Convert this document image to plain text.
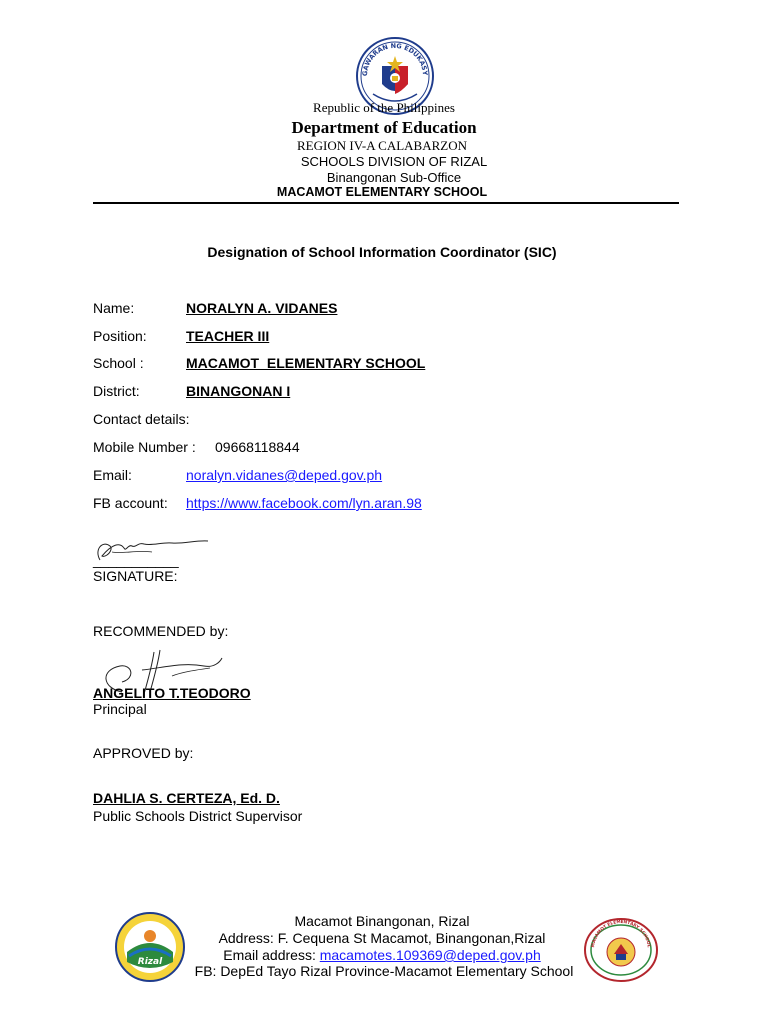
GAWARAN NG EDUKASY
Republic of the Philippines
Department of Education
REGION IV-A CALABARZON
SCHOOLS DIVISION OF RIZAL
Binangonan Sub-Office
MACAMOT ELEMENTARY SCHOOL
Designation of School Information Coordinator (SIC)
Name:	NORALYN A. VIDANES
Position:	TEACHER III
School :	MACAMOT  ELEMENTARY SCHOOL
District:	BINANGONAN I
Contact details:
Mobile Number : 09668118844
Email:	noralyn.vidanes@deped.gov.ph
FB account: https://www.facebook.com/lyn.aran.98
___________
SIGNATURE:
RECOMMENDED by:
ANGELITO T.TEODORO
Principal
APPROVED by:
DAHLIA S. CERTEZA, Ed. D.
Public Schools District Supervisor
Rizal
MACAMOT ELEMENTARY SCHOOL
Macamot Binangonan, Rizal
Address: F. Cequena St Macamot, Binangonan,Rizal
Email address: macamotes.109369@deped.gov.ph
FB: DepEd Tayo Rizal Province-Macamot Elementary School
